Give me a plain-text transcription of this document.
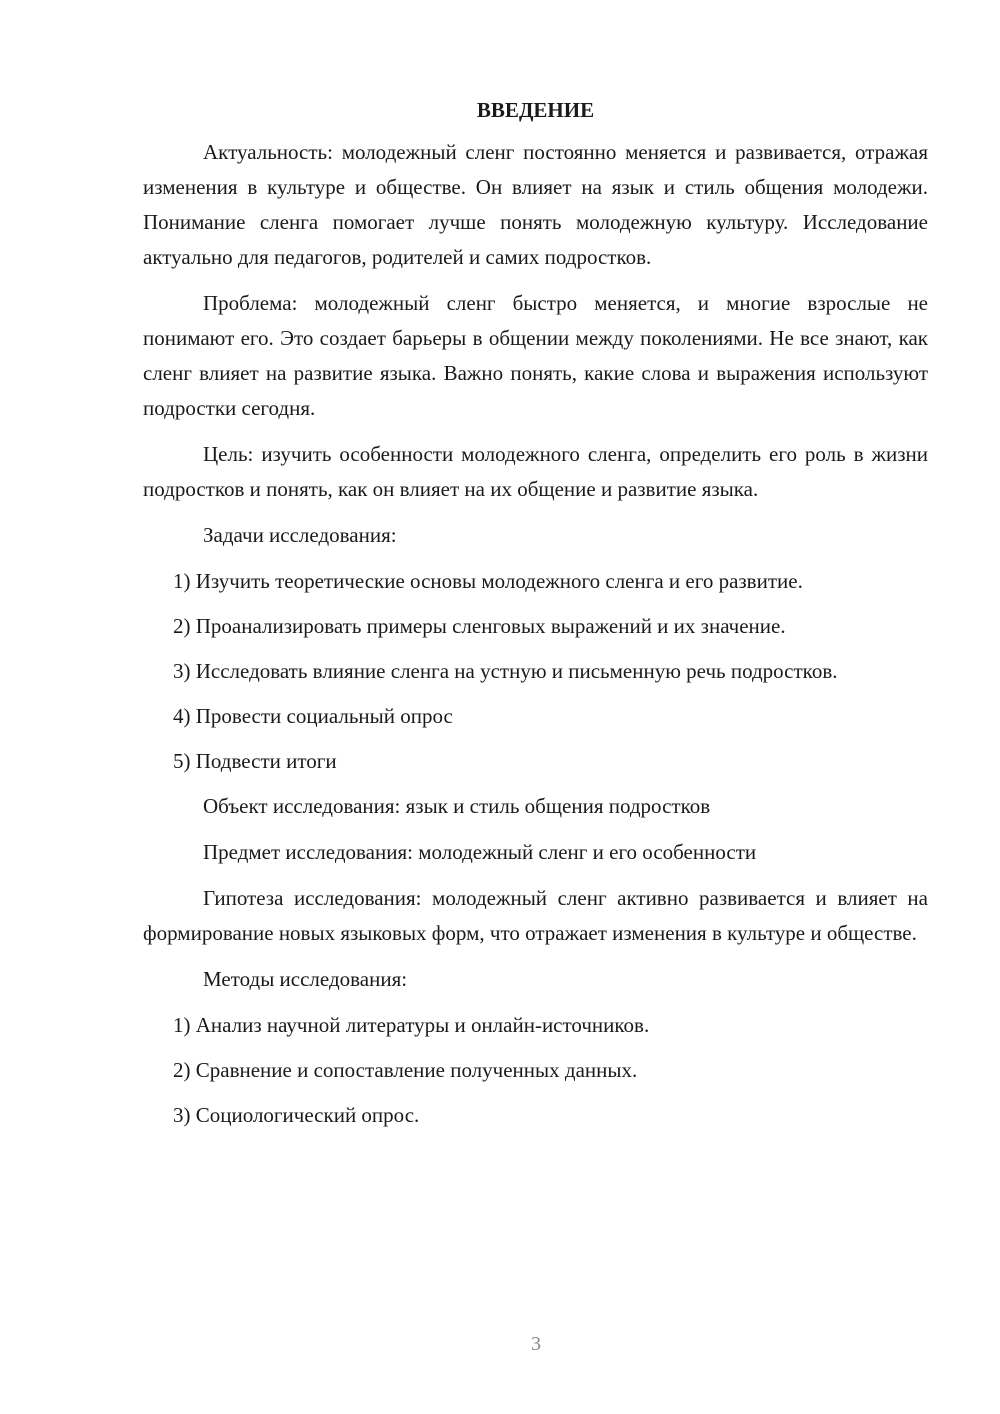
ВВЕДЕНИЕ

Актуальность: молодежный сленг постоянно меняется и развивается, отражая изменения в культуре и обществе. Он влияет на язык и стиль общения молодежи. Понимание сленга помогает лучше понять молодежную культуру. Исследование актуально для педагогов, родителей и самих подростков.

Проблема: молодежный сленг быстро меняется, и многие взрослые не понимают его. Это создает барьеры в общении между поколениями. Не все знают, как сленг влияет на развитие языка. Важно понять, какие слова и выражения используют подростки сегодня.

Цель: изучить особенности молодежного сленга, определить его роль в жизни подростков и понять, как он влияет на их общение и развитие языка.

Задачи исследования:

1) Изучить теоретические основы молодежного сленга и его развитие.

2) Проанализировать примеры сленговых выражений и их значение.

3) Исследовать влияние сленга на устную и письменную речь подростков.

4) Провести социальный опрос

5) Подвести итоги

Объект исследования: язык и стиль общения подростков

Предмет исследования: молодежный сленг и его особенности

Гипотеза исследования: молодежный сленг активно развивается и влияет на формирование новых языковых форм, что отражает изменения в культуре и обществе.

Методы исследования:

1) Анализ научной литературы и онлайн-источников.

2) Сравнение и сопоставление полученных данных.

3) Социологический опрос.

3
